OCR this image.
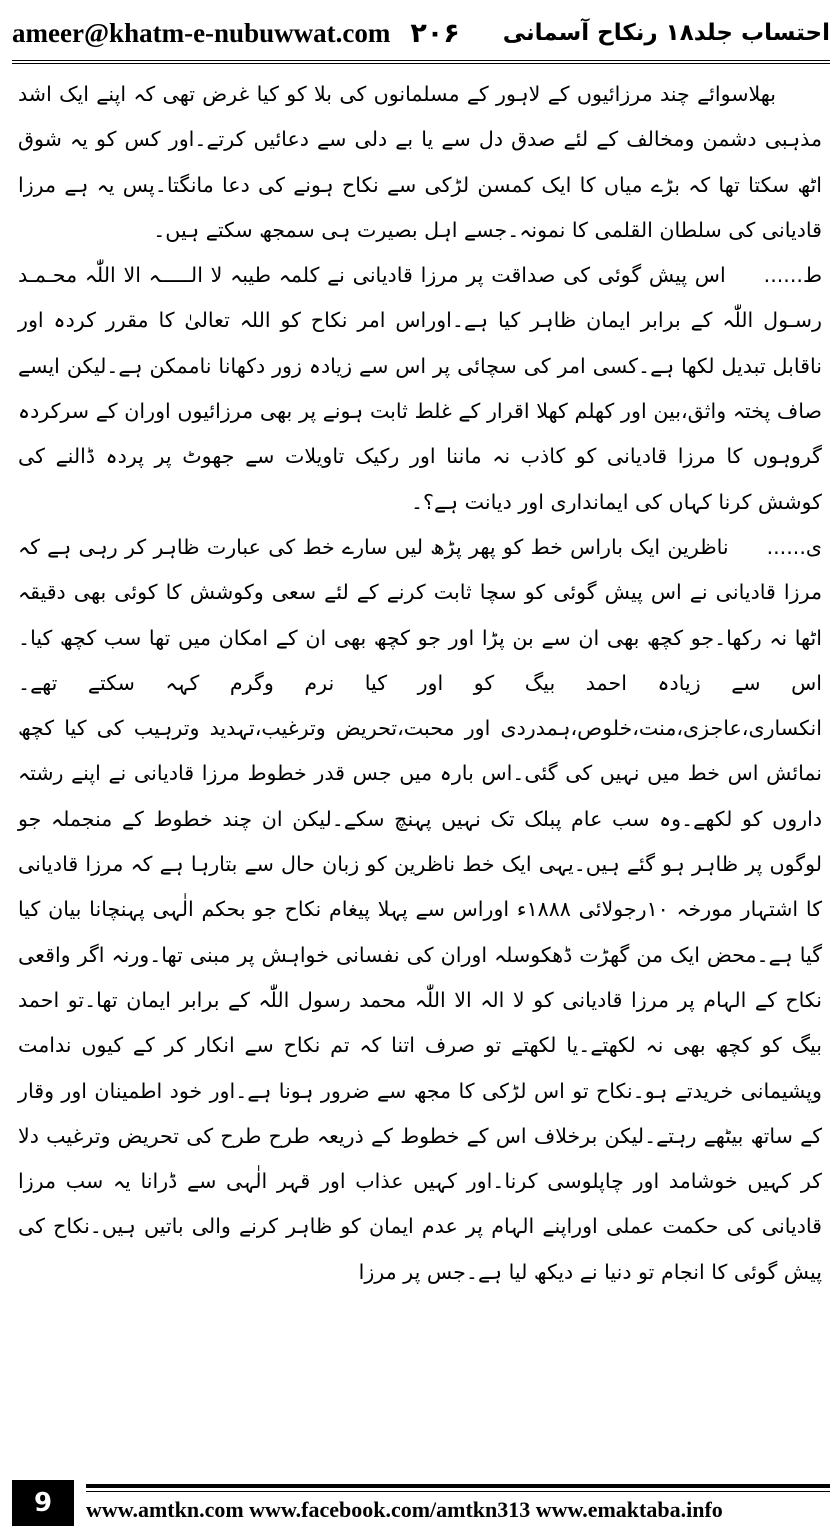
ameer@khatm-e-nubuwwat.com ۲۰۶ احتساب جلد۱۸ رنکاح آسمانی

بھلاسوائے چند مرزائیوں کے لاہور کے مسلمانوں کی بلا کو کیا غرض تھی کہ اپنے ایک اشد مذہبی دشمن ومخالف کے لئے صدق دل سے یا بے دلی سے دعائیں کرتے۔اور کس کو یہ شوق اٹھ سکتا تھا کہ بڑے میاں کا ایک کمسن لڑکی سے نکاح ہونے کی دعا مانگتا۔پس یہ ہے مرزا قادیانی کی سلطان القلمی کا نمونہ۔جسے اہل بصیرت ہی سمجھ سکتے ہیں۔

ط......اس پیش گوئی کی صداقت پر مرزا قادیانی نے کلمہ طیبہ لا الـــــہ الا اللّٰہ محـمـد رسـول اللّٰہ کے برابر ایمان ظاہر کیا ہے۔اوراس امر نکاح کو اللہ تعالیٰ کا مقرر کردہ اور ناقابل تبدیل لکھا ہے۔کسی امر کی سچائی پر اس سے زیادہ زور دکھانا ناممکن ہے۔لیکن ایسے صاف پختہ واثق،بین اور کھلم کھلا اقرار کے غلط ثابت ہونے پر بھی مرزائیوں اوران کے سرکردہ گروہوں کا مرزا قادیانی کو کاذب نہ ماننا اور رکیک تاویلات سے جھوٹ پر پردہ ڈالنے کی کوشش کرنا کہاں کی ایمانداری اور دیانت ہے؟۔

ی......ناظرین ایک باراس خط کو پھر پڑھ لیں سارے خط کی عبارت ظاہر کر رہی ہے کہ مرزا قادیانی نے اس پیش گوئی کو سچا ثابت کرنے کے لئے سعی وکوشش کا کوئی بھی دقیقہ اٹھا نہ رکھا۔جو کچھ بھی ان سے بن پڑا اور جو کچھ بھی ان کے امکان میں تھا سب کچھ کیا۔اس سے زیادہ احمد بیگ کو اور کیا نرم وگرم کہہ سکتے تھے۔انکساری،عاجزی،منت،خلوص،ہمدردی اور محبت،تحریض وترغیب،تہدید وترہیب کی کیا کچھ نمائش اس خط میں نہیں کی گئی۔اس بارہ میں جس قدر خطوط مرزا قادیانی نے اپنے رشتہ داروں کو لکھے۔وہ سب عام پبلک تک نہیں پہنچ سکے۔لیکن ان چند خطوط کے منجملہ جو لوگوں پر ظاہر ہو گئے ہیں۔یہی ایک خط ناظرین کو زبان حال سے بتارہا ہے کہ مرزا قادیانی کا اشتہار مورخہ ۱۰رجولائی ۱۸۸۸ء اوراس سے پہلا پیغام نکاح جو بحکم الٰہی پہنچانا بیان کیا گیا ہے۔محض ایک من گھڑت ڈھکوسلہ اوران کی نفسانی خواہش پر مبنی تھا۔ورنہ اگر واقعی نکاح کے الہام پر مرزا قادیانی کو لا الہ الا اللّٰہ محمد رسول اللّٰہ کے برابر ایمان تھا۔تو احمد بیگ کو کچھ بھی نہ لکھتے۔یا لکھتے تو صرف اتنا کہ تم نکاح سے انکار کر کے کیوں ندامت وپشیمانی خریدتے ہو۔نکاح تو اس لڑکی کا مجھ سے ضرور ہونا ہے۔اور خود اطمینان اور وقار کے ساتھ بیٹھے رہتے۔لیکن برخلاف اس کے خطوط کے ذریعہ طرح طرح کی تحریض وترغیب دلا کر کہیں خوشامد اور چاپلوسی کرنا۔اور کہیں عذاب اور قہر الٰہی سے ڈرانا یہ سب مرزا قادیانی کی حکمت عملی اوراپنے الہام پر عدم ایمان کو ظاہر کرنے والی باتیں ہیں۔نکاح کی پیش گوئی کا انجام تو دنیا نے دیکھ لیا ہے۔جس پر مرزا

9	www.amtkn.com www.facebook.com/amtkn313 www.emaktaba.info
